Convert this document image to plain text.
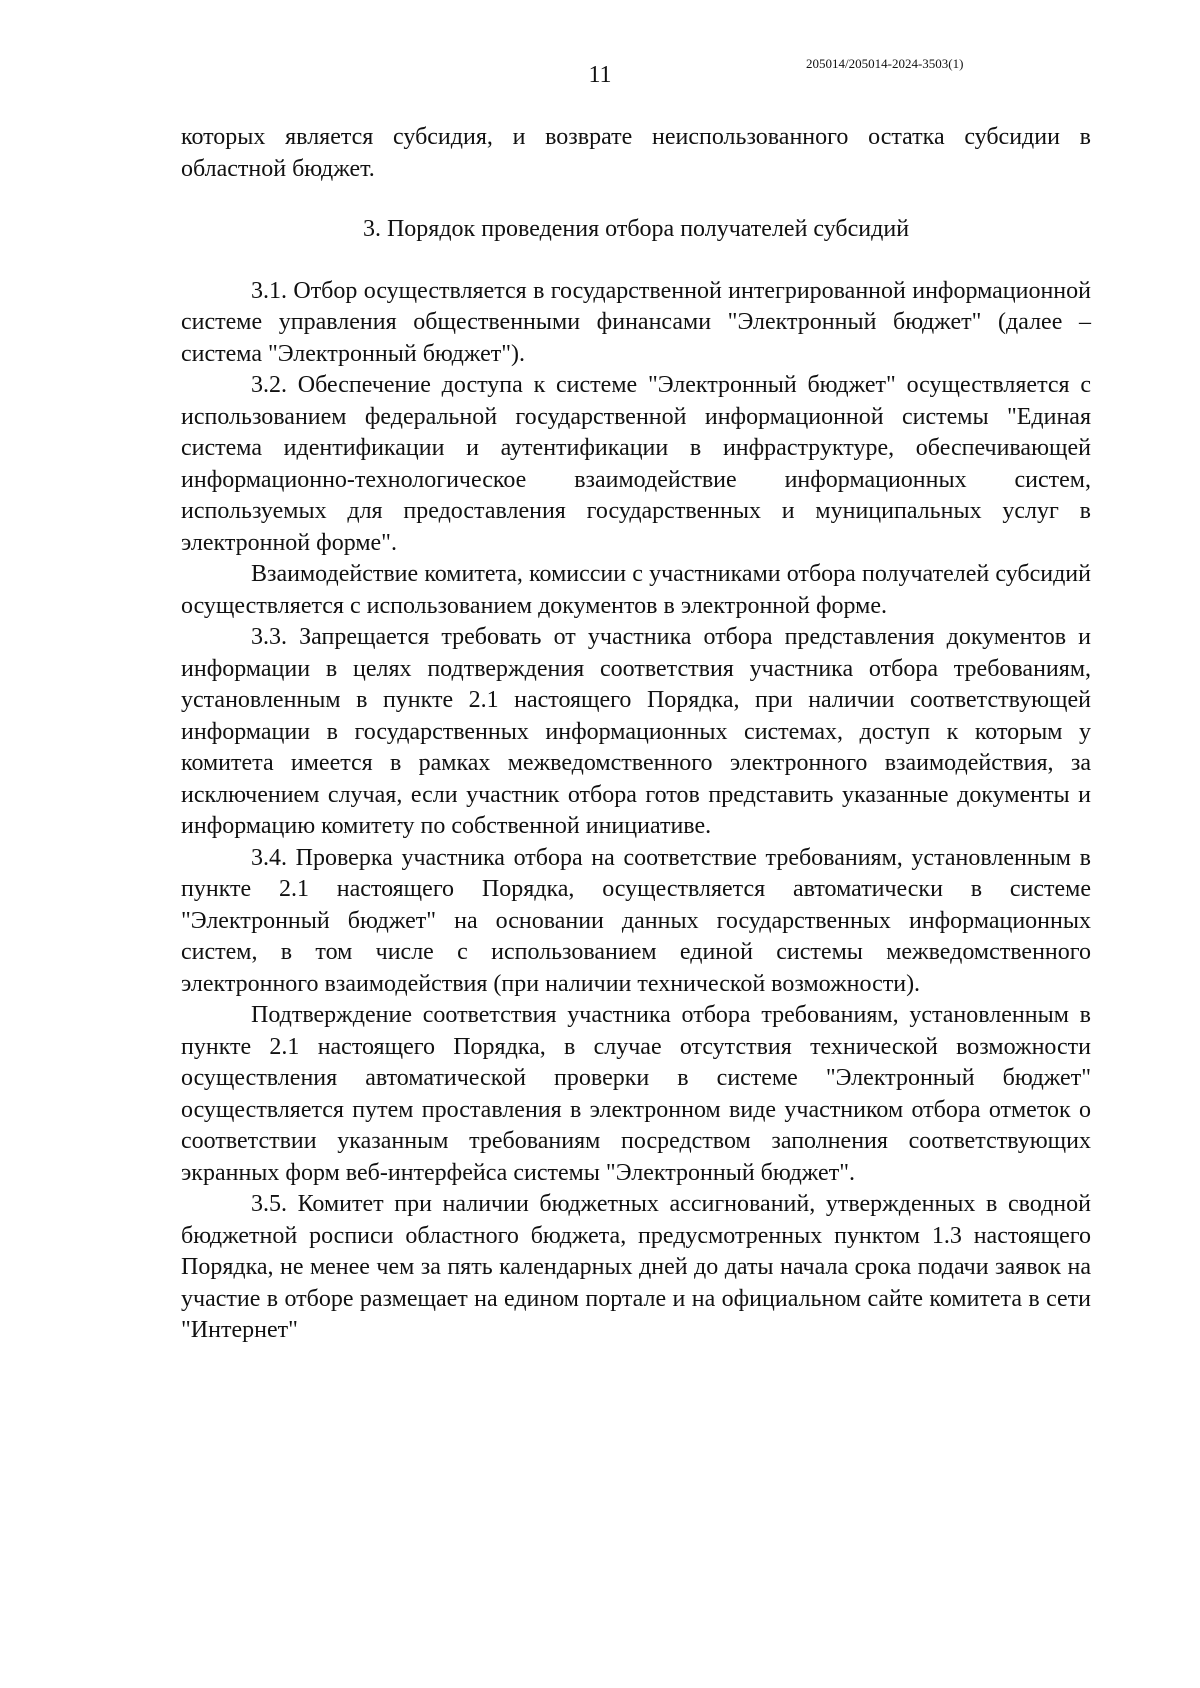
11	205014/205014-2024-3503(1)

которых является субсидия, и возврате неиспользованного остатка субсидии в областной бюджет.

3. Порядок проведения отбора получателей субсидий

3.1. Отбор осуществляется в государственной интегрированной информационной системе управления общественными финансами "Электронный бюджет" (далее – система "Электронный бюджет").

3.2. Обеспечение доступа к системе "Электронный бюджет" осуществляется с использованием федеральной государственной информационной системы "Единая система идентификации и аутентификации в инфраструктуре, обеспечивающей информационно-технологическое взаимодействие информационных систем, используемых для предоставления государственных и муниципальных услуг в электронной форме".

Взаимодействие комитета, комиссии с участниками отбора получателей субсидий осуществляется с использованием документов в электронной форме.

3.3. Запрещается требовать от участника отбора представления документов и информации в целях подтверждения соответствия участника отбора требованиям, установленным в пункте 2.1 настоящего Порядка, при наличии соответствующей информации в государственных информационных системах, доступ к которым у комитета имеется в рамках межведомственного электронного взаимодействия, за исключением случая, если участник отбора готов представить указанные документы и информацию комитету по собственной инициативе.

3.4. Проверка участника отбора на соответствие требованиям, установленным в пункте 2.1 настоящего Порядка, осуществляется автоматически в системе "Электронный бюджет" на основании данных государственных информационных систем, в том числе с использованием единой системы межведомственного электронного взаимодействия (при наличии технической возможности).

Подтверждение соответствия участника отбора требованиям, установленным в пункте 2.1 настоящего Порядка, в случае отсутствия технической возможности осуществления автоматической проверки в системе "Электронный бюджет" осуществляется путем проставления в электронном виде участником отбора отметок о соответствии указанным требованиям посредством заполнения соответствующих экранных форм веб-интерфейса системы "Электронный бюджет".

3.5. Комитет при наличии бюджетных ассигнований, утвержденных в сводной бюджетной росписи областного бюджета, предусмотренных пунктом 1.3 настоящего Порядка, не менее чем за пять календарных дней до даты начала срока подачи заявок на участие в отборе размещает на едином портале и на официальном сайте комитета в сети "Интернет"
